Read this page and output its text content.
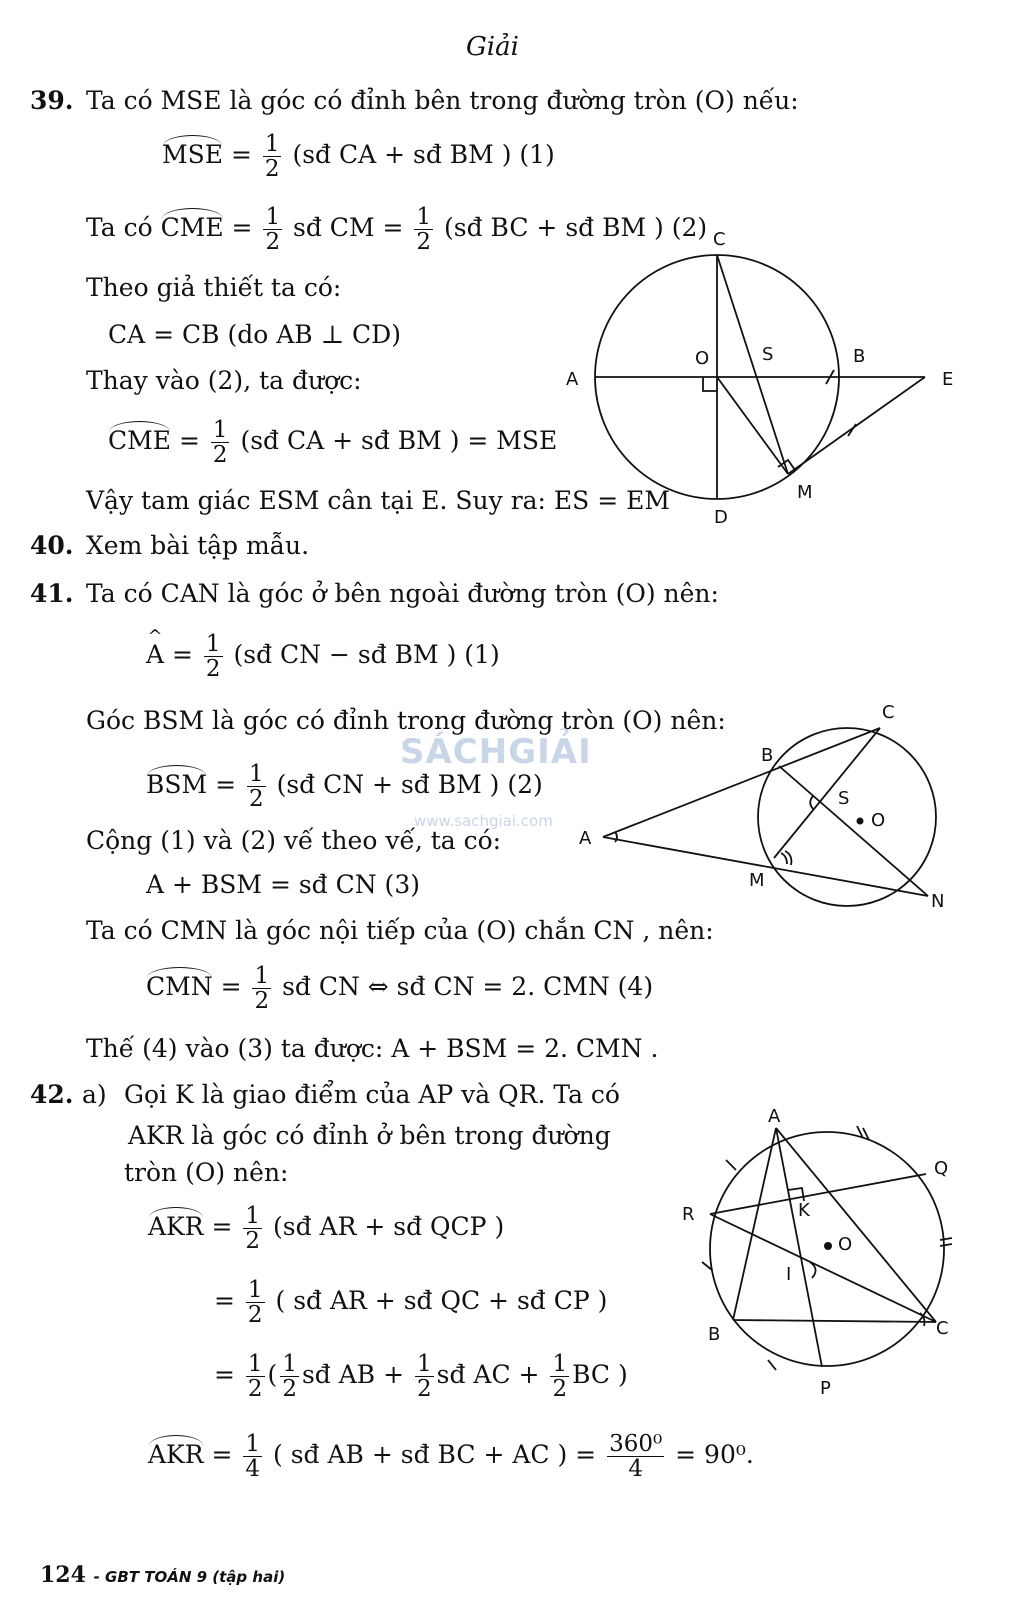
Giải
39. Ta có MSE là góc có đỉnh bên trong đường tròn (O) nếu:
MSE = $\frac{1}{2}$ (sđ CA + sđ BM ) (1)
Ta có CME = $\frac{1}{2}$ sđ CM = $\frac{1}{2}$ (sđ BC + sđ BM ) (2)
Theo giả thiết ta có:
CA = CB (do AB ⊥ CD)
Thay vào (2), ta được:
CME = $\frac{1}{2}$ (sđ CA + sđ BM ) = MSE
Vậy tam giác ESM cân tại E. Suy ra: ES = EM
40. Xem bài tập mẫu.
41. Ta có CAN là góc ở bên ngoài đường tròn (O) nên:
^ $A = \frac{1}{2}$ (sđ CN − sđ BM ) (1)
Góc BSM là góc có đỉnh trong đường tròn (O) nên:
BSM = $\frac{1}{2}$ (sđ CN + sđ BM ) (2)
Cộng (1) và (2) vế theo vế, ta có:
A + BSM = sđ CN (3)
Ta có CMN là góc nội tiếp của (O) chắn CN , nên:
CMN = $\frac{1}{2}$ sđ CN ⇔ sđ CN = 2. CMN (4)
Thế (4) vào (3) ta được: A + BSM = 2. CMN .
42. a) Gọi K là giao điểm của AP và QR. Ta có
AKR là góc có đỉnh ở bên trong đường
tròn (O) nên:
AKR = $\frac{1}{2}$ (sđ AR + sđ QCP )
= $\frac{1}{2}$ ( sđ AR + sđ QC + sđ CP )
= $\frac{1}{2}$ ( $\frac{1}{2}$ sđ AB + $\frac{1}{2}$ sđ AC + $\frac{1}{2}$ BC )
AKR = $\frac{1}{4}$ ( sđ AB + sđ BC + AC ) = $\frac{\text{360⁰}}{4} = 90^0$.
SÁCHGIẢI
www.sachgiai.com
C
O	S	B
A	E
M
D
C
B
S
O
A
M
N
A
Q
R	K
O
I
B	C
P
124 - GBT TOÁN 9 (tập hai)
